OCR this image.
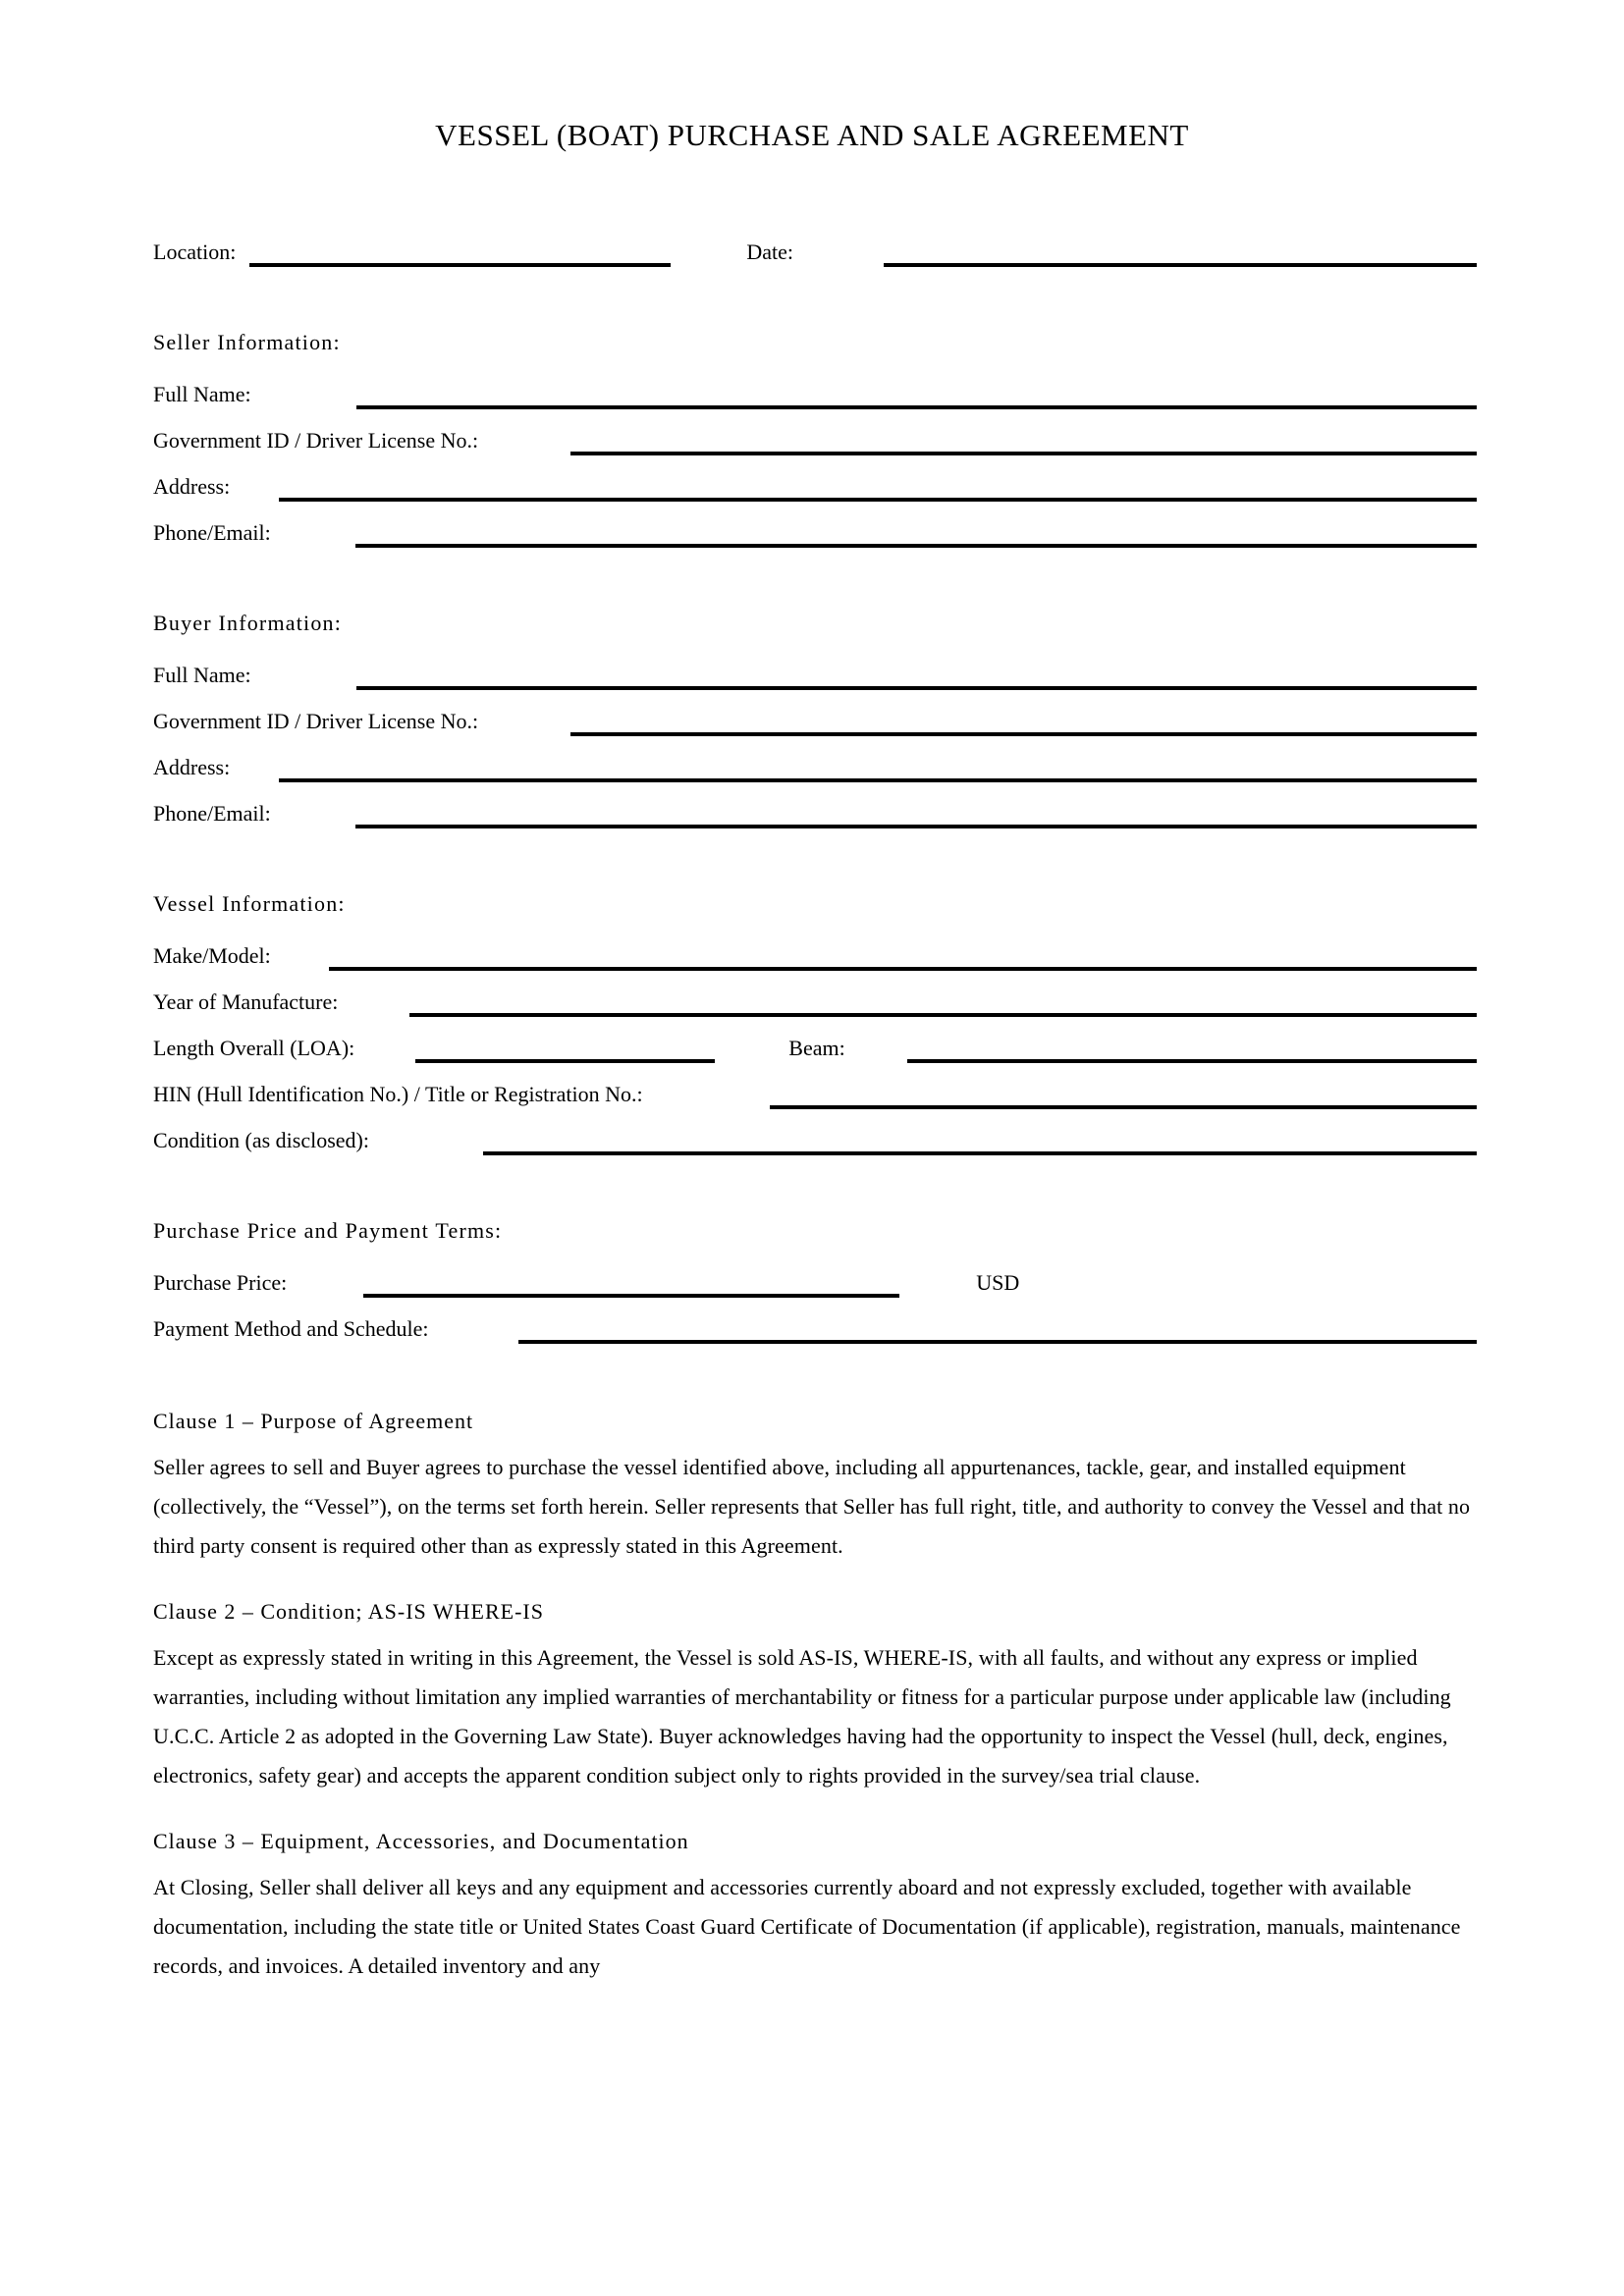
VESSEL (BOAT) PURCHASE AND SALE AGREEMENT
Location:	Date:
Seller Information:
Full Name:
Government ID / Driver License No.:
Address:
Phone/Email:
Buyer Information:
Full Name:
Government ID / Driver License No.:
Address:
Phone/Email:
Vessel Information:
Make/Model:
Year of Manufacture:
Length Overall (LOA):	Beam:
HIN (Hull Identification No.) / Title or Registration No.:
Condition (as disclosed):
Purchase Price and Payment Terms:
Purchase Price:	USD
Payment Method and Schedule:
Clause 1 – Purpose of Agreement

Seller agrees to sell and Buyer agrees to purchase the vessel identified above, including all appurtenances, tackle, gear, and installed equipment (collectively, the “Vessel”), on the terms set forth herein. Seller represents that Seller has full right, title, and authority to convey the Vessel and that no third party consent is required other than as expressly stated in this Agreement.

Clause 2 – Condition; AS-IS WHERE-IS

Except as expressly stated in writing in this Agreement, the Vessel is sold AS-IS, WHERE-IS, with all faults, and without any express or implied warranties, including without limitation any implied warranties of merchantability or fitness for a particular purpose under applicable law (including U.C.C. Article 2 as adopted in the Governing Law State). Buyer acknowledges having had the opportunity to inspect the Vessel (hull, deck, engines, electronics, safety gear) and accepts the apparent condition subject only to rights provided in the survey/sea trial clause.

Clause 3 – Equipment, Accessories, and Documentation

At Closing, Seller shall deliver all keys and any equipment and accessories currently aboard and not expressly excluded, together with available documentation, including the state title or United States Coast Guard Certificate of Documentation (if applicable), registration, manuals, maintenance records, and invoices. A detailed inventory and any
